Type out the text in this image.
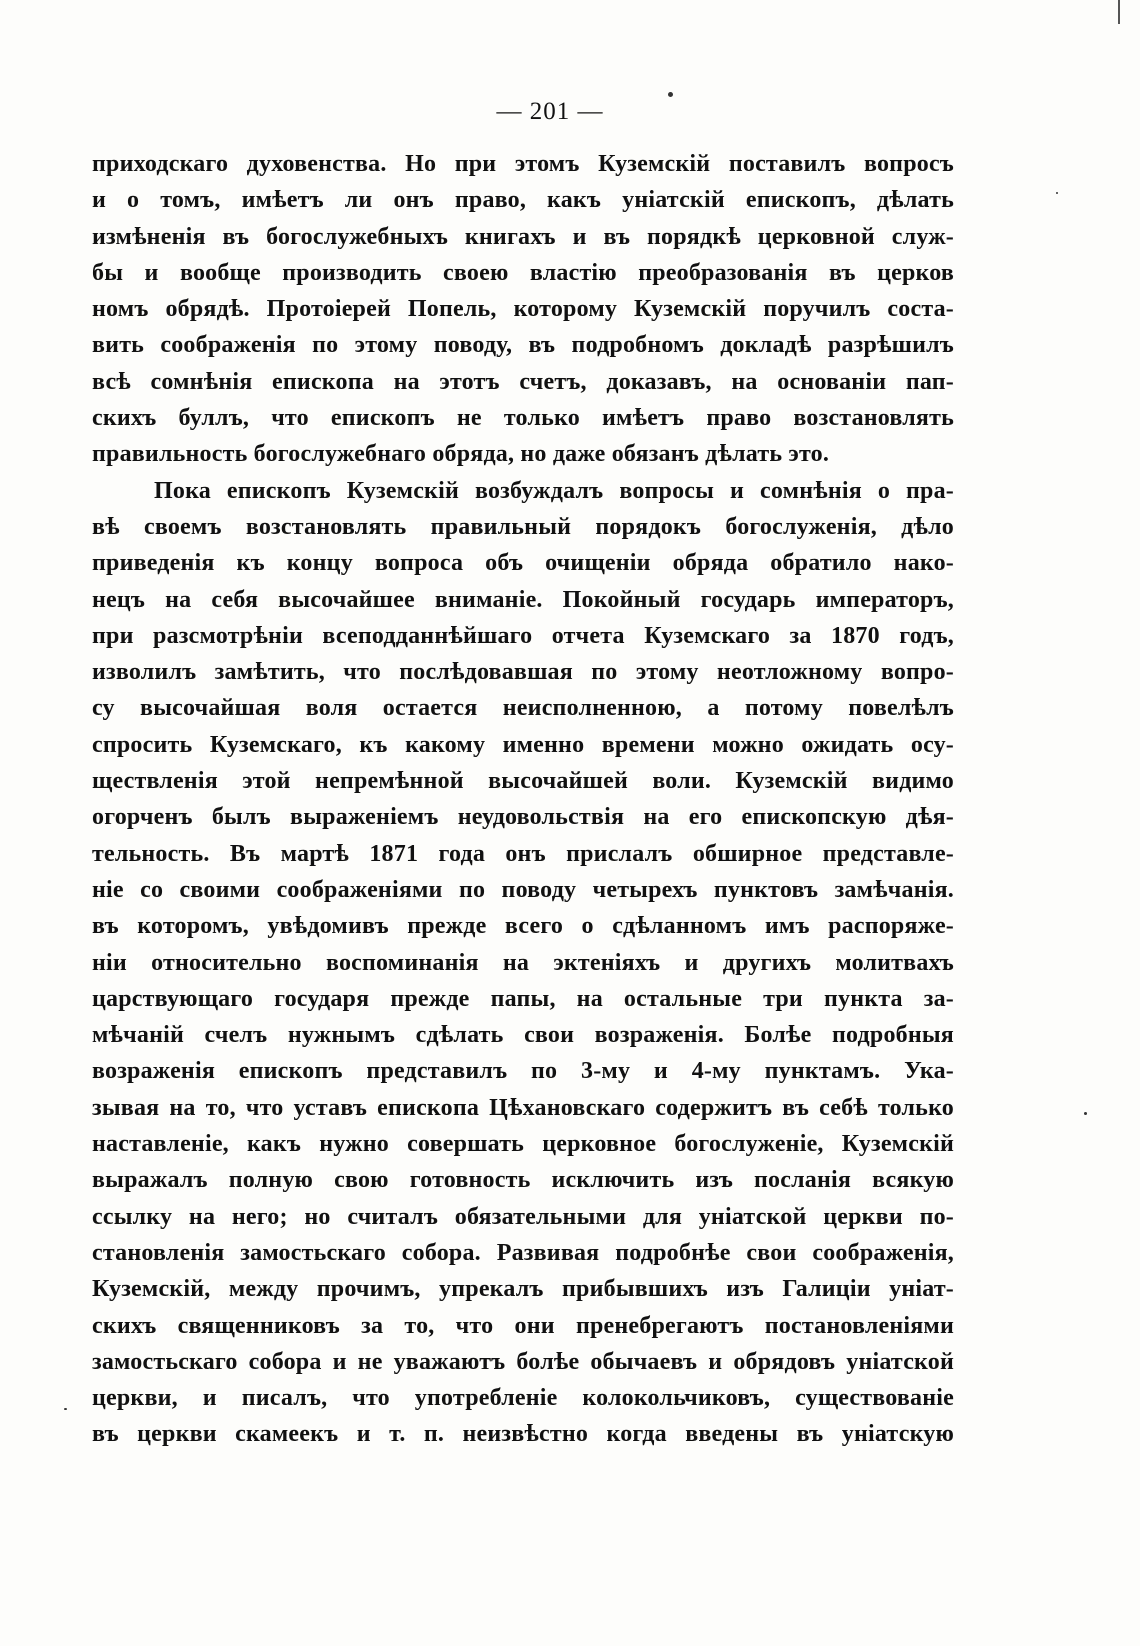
— 201 —
приходскаго духовенства. Но при этомъ Куземскій поставилъ вопросъ
и о томъ, имѣетъ ли онъ право, какъ уніатскій епископъ, дѣлать
измѣненія въ богослужебныхъ книгахъ и въ порядкѣ церковной служ-
бы и вообще производить своею властію преобразованія въ церков
номъ обрядѣ. Протоіерей Попель, которому Куземскій поручилъ соста-
вить соображенія по этому поводу, въ подробномъ докладѣ разрѣшилъ
всѣ сомнѣнія епископа на этотъ счетъ, доказавъ, на основаніи пап-
скихъ буллъ, что епископъ не только имѣетъ право возстановлять
правильность богослужебнаго обряда, но даже обязанъ дѣлать это.
Пока епископъ Куземскій возбуждалъ вопросы и сомнѣнія о пра-
вѣ своемъ возстановлять правильный порядокъ богослуженія, дѣло
приведенія къ концу вопроса объ очищеніи обряда обратило нако-
нецъ на себя высочайшее вниманіе. Покойный государь императоръ,
при разсмотрѣніи всеподданнѣйшаго отчета Куземскаго за 1870 годъ,
изволилъ замѣтить, что послѣдовавшая по этому неотложному вопро-
су высочайшая воля остается неисполненною, а потому повелѣлъ
спросить Куземскаго, къ какому именно времени можно ожидать осу-
ществленія этой непремѣнной высочайшей воли. Куземскій видимо
огорченъ былъ выраженіемъ неудовольствія на его епископскую дѣя-
тельность. Въ мартѣ 1871 года онъ прислалъ обширное представле-
ніе со своими соображеніями по поводу четырехъ пунктовъ замѣчанія.
въ которомъ, увѣдомивъ прежде всего о сдѣланномъ имъ распоряже-
ніи относительно воспоминанія на эктеніяхъ и другихъ молитвахъ
царствующаго государя прежде папы, на остальные три пункта за-
мѣчаній счелъ нужнымъ сдѣлать свои возраженія. Болѣе подробныя
возраженія епископъ представилъ по 3-му и 4-му пунктамъ. Ука-
зывая на то, что уставъ епископа Цѣхановскаго содержитъ въ себѣ только
наставленіе, какъ нужно совершать церковное богослуженіе, Куземскій
выражалъ полную свою готовность исключить изъ посланія всякую
ссылку на него; но считалъ обязательными для уніатской церкви по-
становленія замостьскаго собора. Развивая подробнѣе свои соображенія,
Куземскій, между прочимъ, упрекалъ прибывшихъ изъ Галиціи уніат-
скихъ священниковъ за то, что они пренебрегаютъ постановленіями
замостьскаго собора и не уважаютъ болѣе обычаевъ и обрядовъ уніатской
церкви, и писалъ, что употребленіе колокольчиковъ, существованіе
въ церкви скамеекъ и т. п. неизвѣстно когда введены въ уніатскую
